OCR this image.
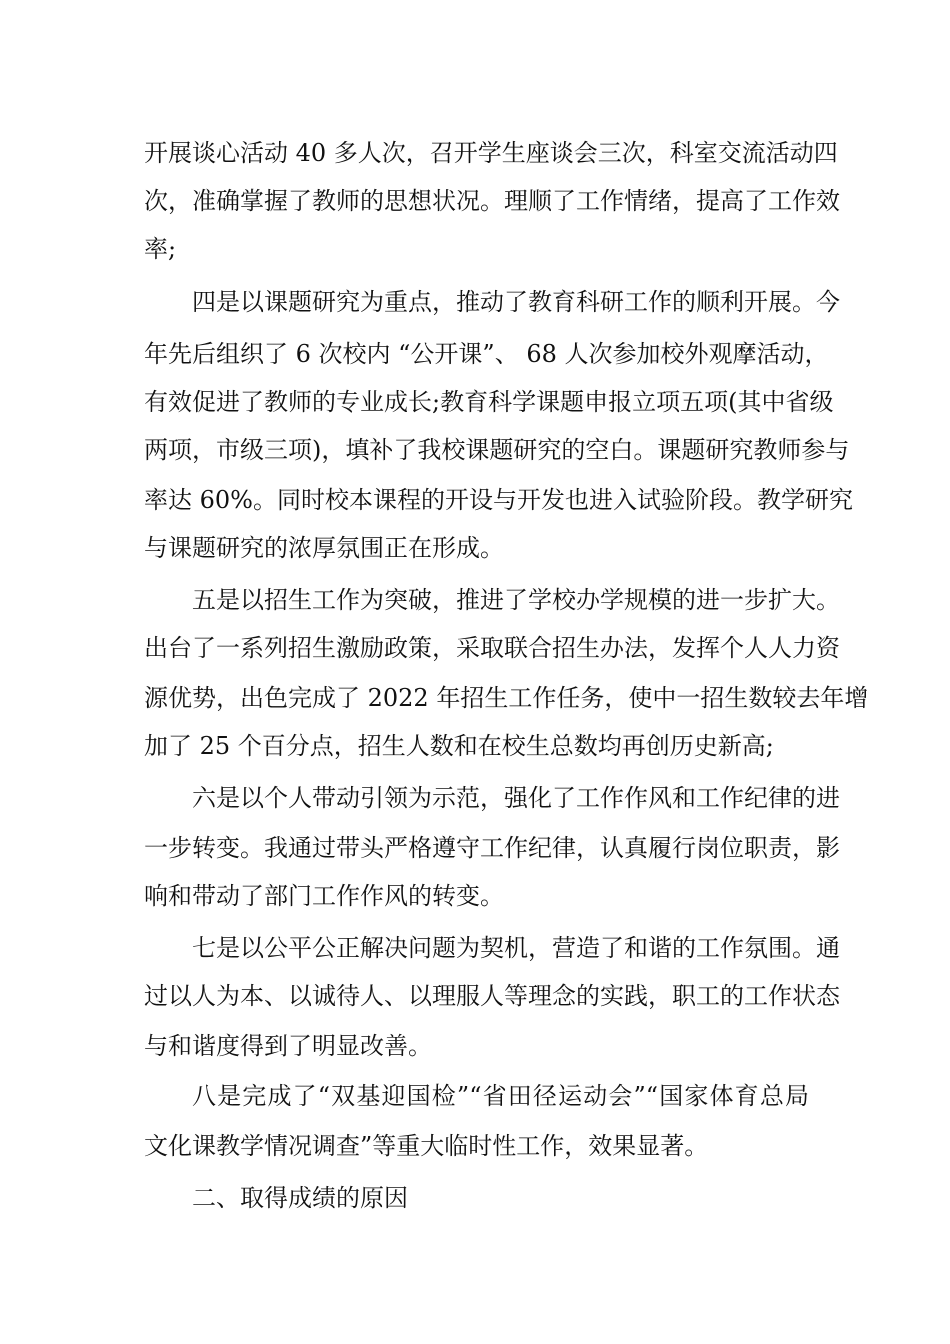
开展谈心活动 40 多人次，召开学生座谈会三次，科室交流活动四
次，准确掌握了教师的思想状况。理顺了工作情绪，提高了工作效
率;
四是以课题研究为重点，推动了教育科研工作的顺利开展。今
年先后组织了 6 次校内 “公开课”、 68 人次参加校外观摩活动，
有效促进了教师的专业成长;教育科学课题申报立项五项(其中省级
两项，市级三项)，填补了我校课题研究的空白。课题研究教师参与
率达 60%。同时校本课程的开设与开发也进入试验阶段。教学研究
与课题研究的浓厚氛围正在形成。
五是以招生工作为突破，推进了学校办学规模的进一步扩大。
出台了一系列招生激励政策，采取联合招生办法，发挥个人人力资
源优势，出色完成了 2022 年招生工作任务，使中一招生数较去年增
加了 25 个百分点，招生人数和在校生总数均再创历史新高;
六是以个人带动引领为示范，强化了工作作风和工作纪律的进
一步转变。我通过带头严格遵守工作纪律，认真履行岗位职责，影
响和带动了部门工作作风的转变。
七是以公平公正解决问题为契机，营造了和谐的工作氛围。通
过以人为本、以诚待人、以理服人等理念的实践，职工的工作状态
与和谐度得到了明显改善。
八是完成了“双基迎国检”“省田径运动会”“国家体育总局
文化课教学情况调查”等重大临时性工作，效果显著。
二、取得成绩的原因
